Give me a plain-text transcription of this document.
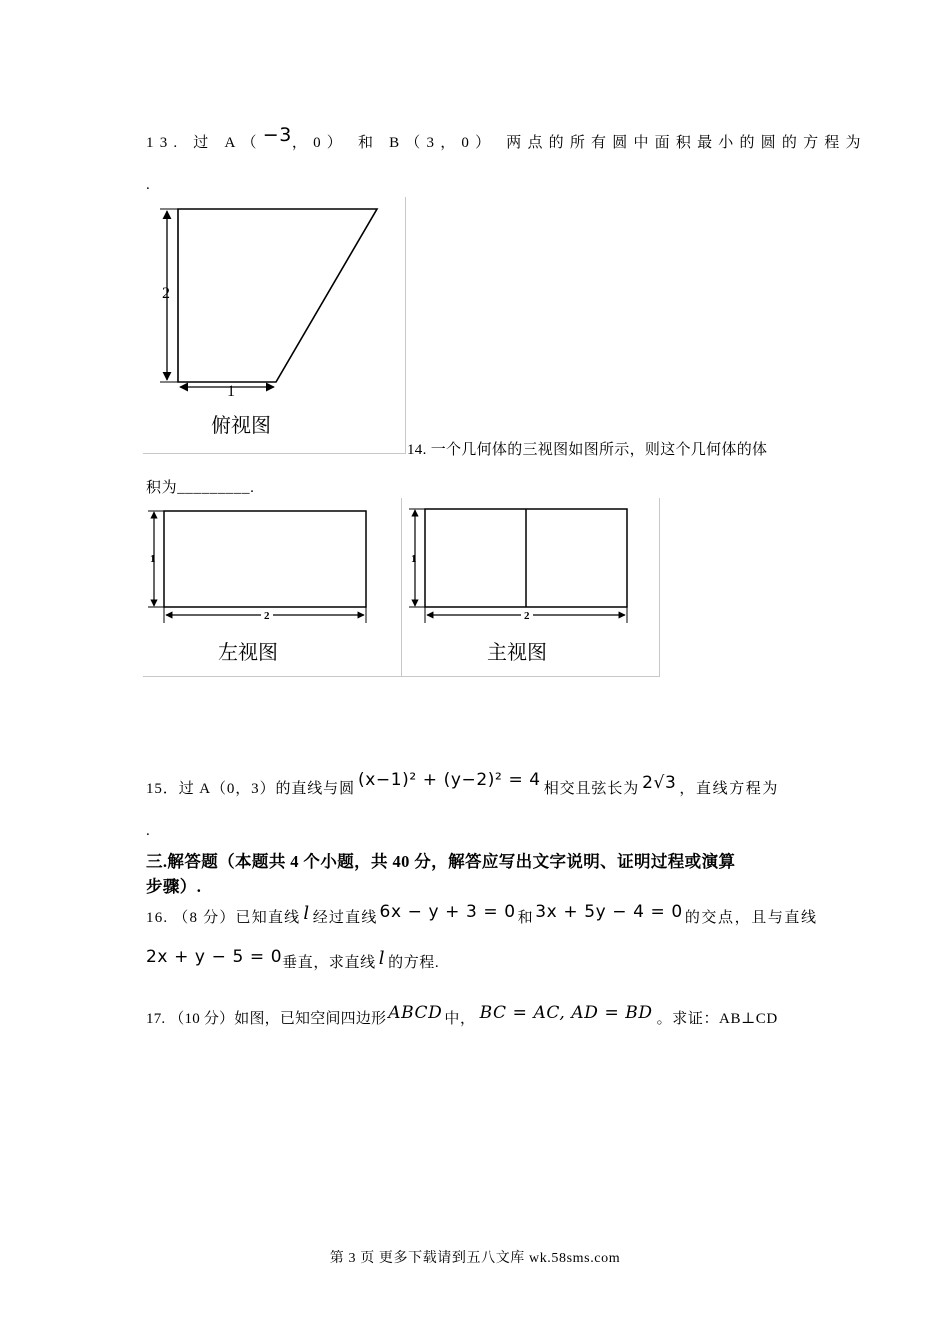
13. 过 A（−3，0） 和 B（3，0） 两点的所有圆中面积最小的圆的方程为
.
2
1
俯视图
14. 一个几何体的三视图如图所示，则这个几何体的体
积为_________.
1
2
左视图
1
2
主视图
15．过 A（0，3）的直线与圆 (x−1)² + (y−2)² = 4 相交且弦长为 2√3 ，直线方程为
.
三.解答题（本题共 4 个小题，共 40 分，解答应写出文字说明、证明过程或演算
步骤）.
16. （8 分）已知直线 l 经过直线 6x − y + 3 = 0 和 3x + 5y − 4 = 0 的交点，且与直线
2x + y − 5 = 0垂直，求直线 l 的方程.
17. （10 分）如图，已知空间四边形 ABCD 中， BC = AC, AD = BD 。求证：AB⊥CD
第 3 页 更多下载请到五八文库 wk.58sms.com
